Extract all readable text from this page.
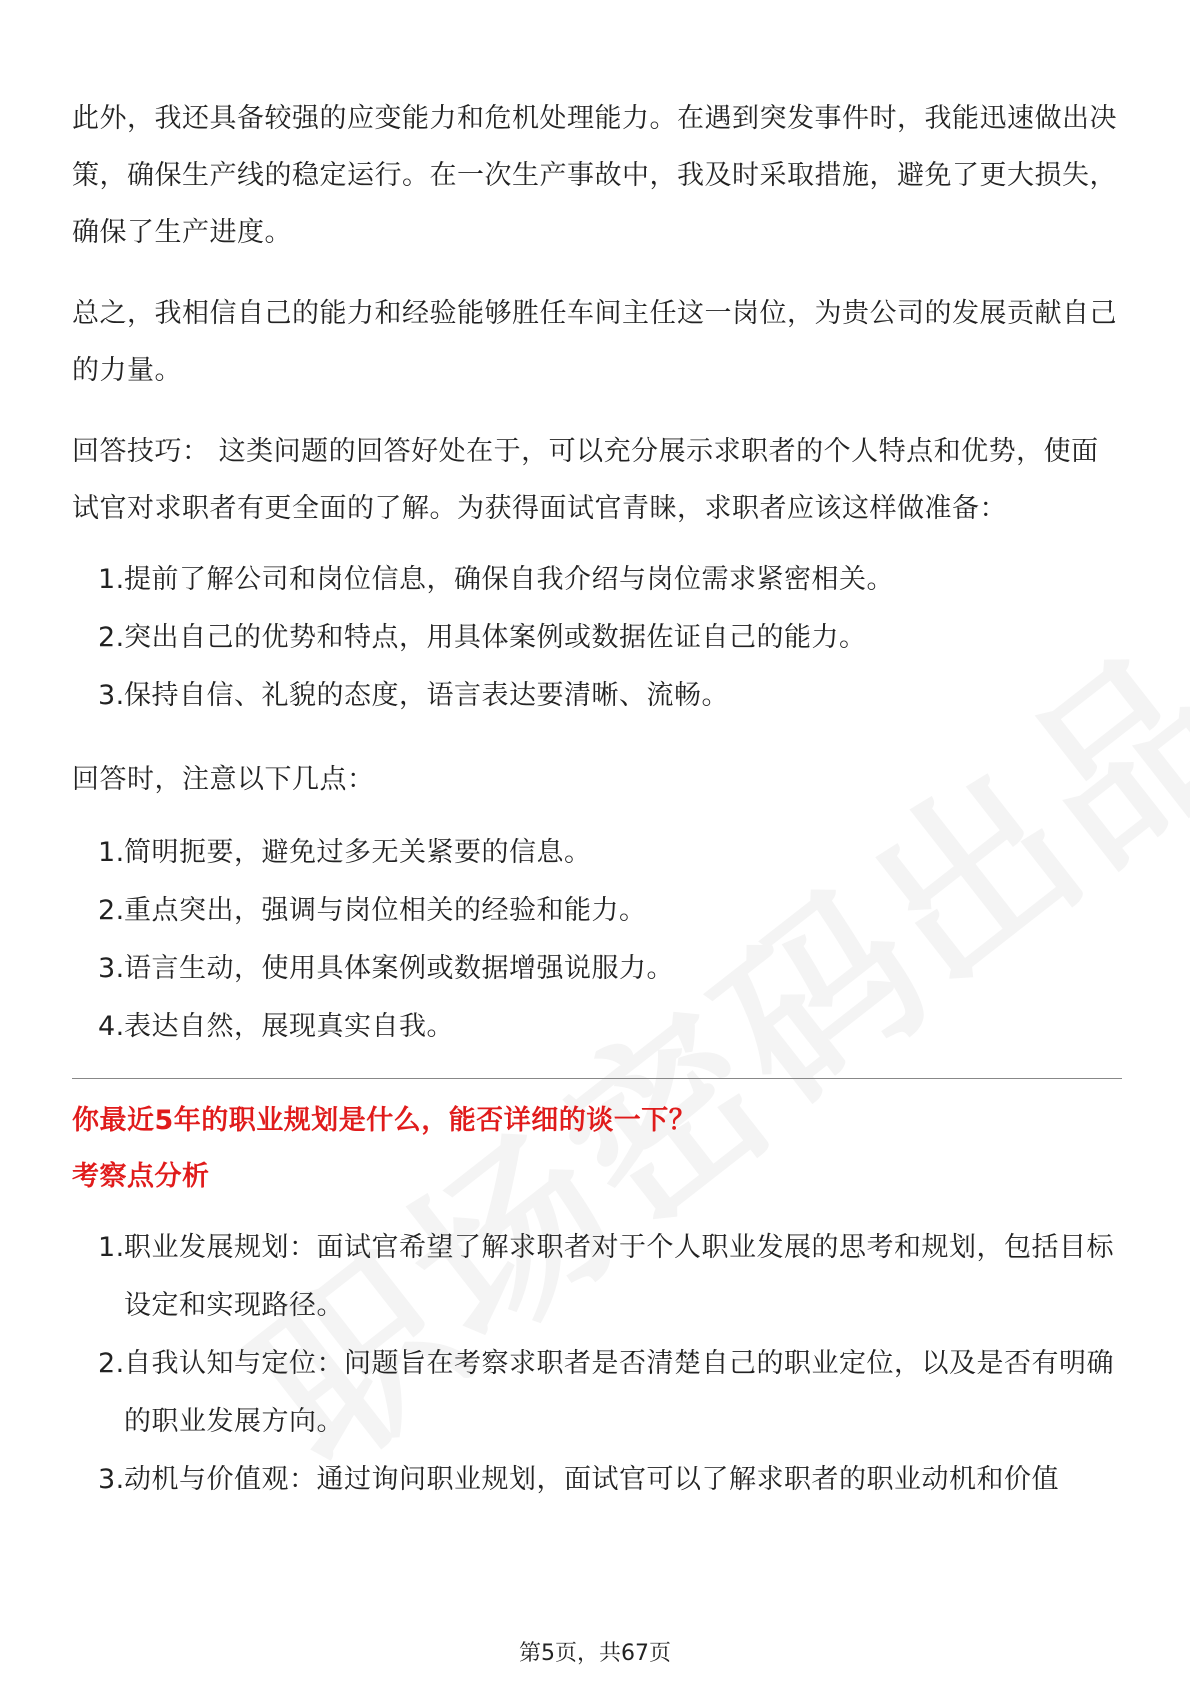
此外，我还具备较强的应变能力和危机处理能力。在遇到突发事件时，我能迅速做出决策，确保生产线的稳定运行。在一次生产事故中，我及时采取措施，避免了更大损失，确保了生产进度。

总之，我相信自己的能力和经验能够胜任车间主任这一岗位，为贵公司的发展贡献自己的力量。

回答技巧： 这类问题的回答好处在于，可以充分展示求职者的个人特点和优势，使面试官对求职者有更全面的了解。为获得面试官青睐，求职者应该这样做准备：

1. 提前了解公司和岗位信息，确保自我介绍与岗位需求紧密相关。
2. 突出自己的优势和特点，用具体案例或数据佐证自己的能力。
3. 保持自信、礼貌的态度，语言表达要清晰、流畅。

回答时，注意以下几点：

1. 简明扼要，避免过多无关紧要的信息。
2. 重点突出，强调与岗位相关的经验和能力。
3. 语言生动，使用具体案例或数据增强说服力。
4. 表达自然，展现真实自我。

你最近5年的职业规划是什么，能否详细的谈一下？

考察点分析

1. 职业发展规划：面试官希望了解求职者对于个人职业发展的思考和规划，包括目标设定和实现路径。
2. 自我认知与定位：问题旨在考察求职者是否清楚自己的职业定位，以及是否有明确的职业发展方向。
3. 动机与价值观：通过询问职业规划，面试官可以了解求职者的职业动机和价值
第5页，共67页
